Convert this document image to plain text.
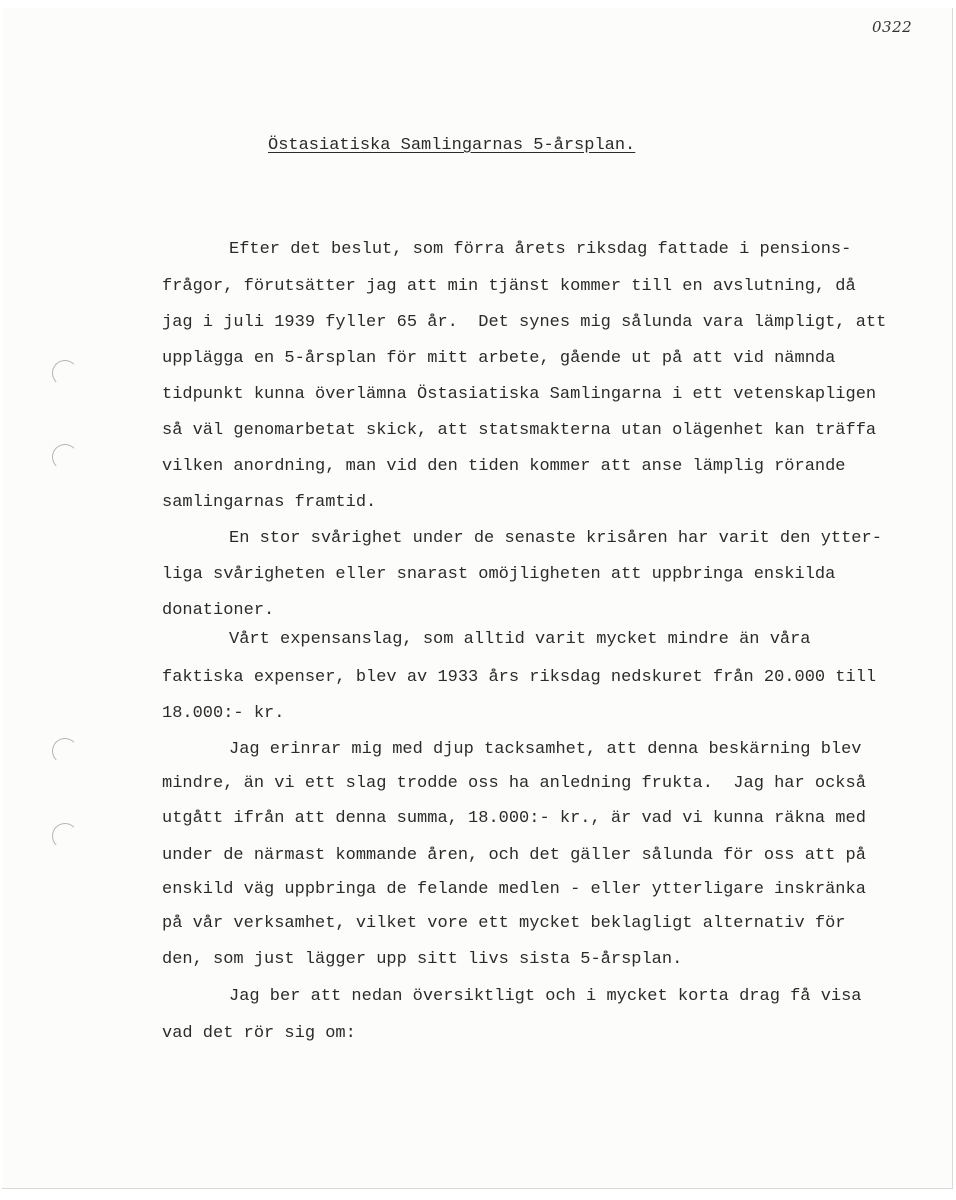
0322
Östasiatiska Samlingarnas 5-årsplan.

Efter det beslut, som förra årets riksdag fattade i pensions-

frågor, förutsätter jag att min tjänst kommer till en avslutning, då

jag i juli 1939 fyller 65 år.  Det synes mig sålunda vara lämpligt, att

upplägga en 5-årsplan för mitt arbete, gående ut på att vid nämnda

tidpunkt kunna överlämna Östasiatiska Samlingarna i ett vetenskapligen

så väl genomarbetat skick, att statsmakterna utan olägenhet kan träffa

vilken anordning, man vid den tiden kommer att anse lämplig rörande

samlingarnas framtid.

En stor svårighet under de senaste krisåren har varit den ytter-

liga svårigheten eller snarast omöjligheten att uppbringa enskilda

donationer.

Vårt expensanslag, som alltid varit mycket mindre än våra

faktiska expenser, blev av 1933 års riksdag nedskuret från 20.000 till

18.000:- kr.

Jag erinrar mig med djup tacksamhet, att denna beskärning blev

mindre, än vi ett slag trodde oss ha anledning frukta.  Jag har också

utgått ifrån att denna summa, 18.000:- kr., är vad vi kunna räkna med

under de närmast kommande åren, och det gäller sålunda för oss att på

enskild väg uppbringa de felande medlen - eller ytterligare inskränka

på vår verksamhet, vilket vore ett mycket beklagligt alternativ för

den, som just lägger upp sitt livs sista 5-årsplan.

Jag ber att nedan översiktligt och i mycket korta drag få visa

vad det rör sig om:
